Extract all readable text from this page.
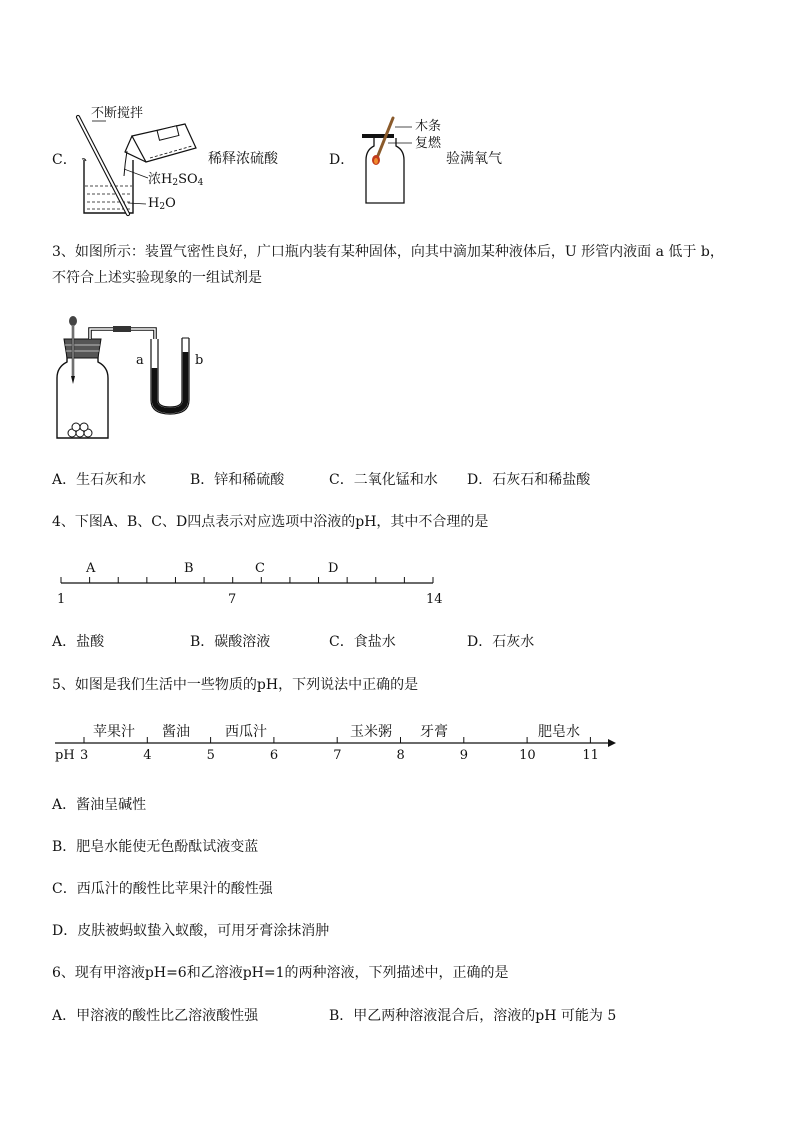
C．
不断搅拌
浓$H_2SO_4$
$H_2O$
稀释浓硫酸	D．
木条
复燃
验满氧气
3、如图所示：装置气密性良好，广口瓶内装有某种固体，向其中滴加某种液体后，U 形管内液面 a 低于 b，
不符合上述实验现象的一组试剂是
a	b
A．生石灰和水	B．锌和稀硫酸	C．二氧化锰和水 D．石灰石和稀盐酸
4、下图A、B、C、D四点表示对应选项中浴液的pH，其中不合理的是
A	B	C	D
1	7	14
A．盐酸	B．碳酸溶液	C．食盐水	D．石灰水
5、如图是我们生活中一些物质的pH，下列说法中正确的是
pH 3	4	5	6	7	8	9	10	11
苹果汁 酱油	西瓜汁	玉米粥 牙膏	肥皂水
A．酱油呈碱性
B．肥皂水能使无色酚酞试液变蓝
C．西瓜汁的酸性比苹果汁的酸性强
D．皮肤被蚂蚁蛰入蚁酸，可用牙膏涂抹消肿
6、现有甲溶液pH=6和乙溶液pH=1的两种溶液，下列描述中，正确的是
A．甲溶液的酸性比乙溶液酸性强	B．甲乙两种溶液混合后，溶液的pH 可能为 5
